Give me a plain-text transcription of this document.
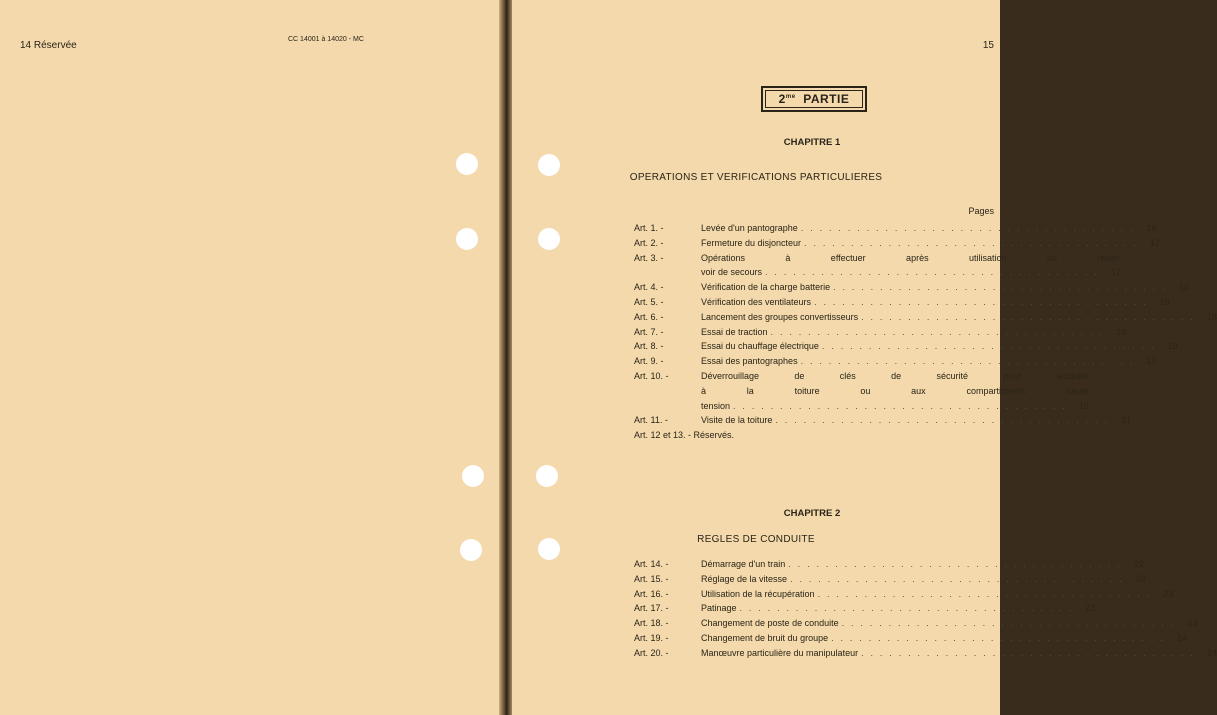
14 Réservée
CC 14001 à 14020 - MC
15
$2^{me}$ PARTIE
CHAPITRE 1
OPERATIONS ET VERIFICATIONS PARTICULIERES
Pages
Art. 1. -	Levée d'un pantographe . . . . . . . . . . . . . . . . . . . . . . . . . . . . . . . . . . . .	16
Art. 2. -	Fermeture du disjoncteur . . . . . . . . . . . . . . . . . . . . . . . . . . . . . . . . . . . .	17
Art. 3. -	Opérations à effectuer après utilisation du réser-
voir de secours . . . . . . . . . . . . . . . . . . . . . . . . . . . . . . . . . . . .	17
Art. 4. -	Vérification de la charge batterie . . . . . . . . . . . . . . . . . . . . . . . . . . . . . . . . . . . .	18
Art. 5. -	Vérification des ventilateurs . . . . . . . . . . . . . . . . . . . . . . . . . . . . . . . . . . . .	18
Art. 6. -	Lancement des groupes convertisseurs . . . . . . . . . . . . . . . . . . . . . . . . . . . . . . . . . . . .	18
Art. 7. -	Essai de traction . . . . . . . . . . . . . . . . . . . . . . . . . . . . . . . . . . . .	18
Art. 8. -	Essai du chauffage électrique . . . . . . . . . . . . . . . . . . . . . . . . . . . . . . . . . . . .	19
Art. 9. -	Essai des pantographes . . . . . . . . . . . . . . . . . . . . . . . . . . . . . . . . . . . .	19
Art. 10. -	Déverrouillage de clés de sécurité pour accéder
à la toiture ou aux compartiments haute
tension . . . . . . . . . . . . . . . . . . . . . . . . . . . . . . . . . . . .	19
Art. 11. -	Visite de la toiture . . . . . . . . . . . . . . . . . . . . . . . . . . . . . . . . . . . .	21
Art. 12 et 13. - Réservés.
CHAPITRE 2
REGLES DE CONDUITE
Art. 14. -	Démarrage d'un train . . . . . . . . . . . . . . . . . . . . . . . . . . . . . . . . . . . .	22
Art. 15. -	Réglage de la vitesse . . . . . . . . . . . . . . . . . . . . . . . . . . . . . . . . . . . .	23
Art. 16. -	Utilisation de la récupération . . . . . . . . . . . . . . . . . . . . . . . . . . . . . . . . . . . .	23
Art. 17. -	Patinage . . . . . . . . . . . . . . . . . . . . . . . . . . . . . . . . . . . .	23
Art. 18. -	Changement de poste de conduite . . . . . . . . . . . . . . . . . . . . . . . . . . . . . . . . . . . .	23
Art. 19. -	Changement de bruit du groupe . . . . . . . . . . . . . . . . . . . . . . . . . . . . . . . . . . . .	24
Art. 20. -	Manœuvre particulière du manipulateur . . . . . . . . . . . . . . . . . . . . . . . . . . . . . . . . . . . .	24
